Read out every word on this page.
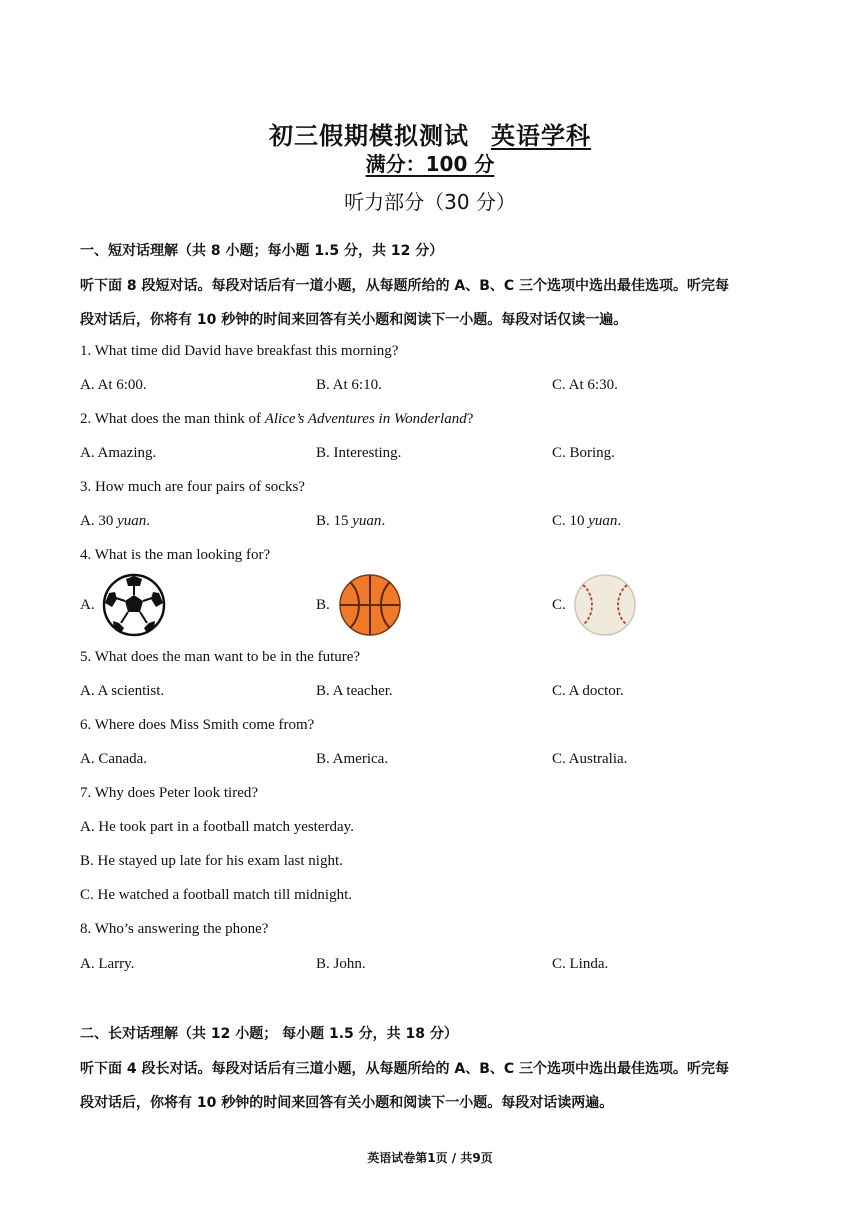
初三假期模拟测试 英语学科
满分：100 分
听力部分（30 分）
一、短对话理解（共 8 小题；每小题 1.5 分，共 12 分）
听下面 8 段短对话。每段对话后有一道小题，从每题所给的 A、B、C 三个选项中选出最佳选项。听完每
段对话后，你将有 10 秒钟的时间来回答有关小题和阅读下一小题。每段对话仅读一遍。
1. What time did David have breakfast this morning?
A. At 6:00.	B. At 6:10.	C. At 6:30.
2. What does the man think of Alice’s Adventures in Wonderland?
A. Amazing.	B. Interesting.	C. Boring.
3. How much are four pairs of socks?
A. 30 yuan.	B. 15 yuan.	C. 10 yuan.
4. What is the man looking for?
A.	B.	C.
5. What does the man want to be in the future?
A. A scientist.	B. A teacher.	C. A doctor.
6. Where does Miss Smith come from?
A. Canada.	B. America.	C. Australia.
7. Why does Peter look tired?
A. He took part in a football match yesterday.
B. He stayed up late for his exam last night.
C. He watched a football match till midnight.
8. Who’s answering the phone?
A. Larry.	B. John.	C. Linda.
二、长对话理解（共 12 小题； 每小题 1.5 分，共 18 分）
听下面 4 段长对话。每段对话后有三道小题，从每题所给的 A、B、C 三个选项中选出最佳选项。听完每
段对话后，你将有 10 秒钟的时间来回答有关小题和阅读下一小题。每段对话读两遍。
英语试卷第1页 / 共9页
